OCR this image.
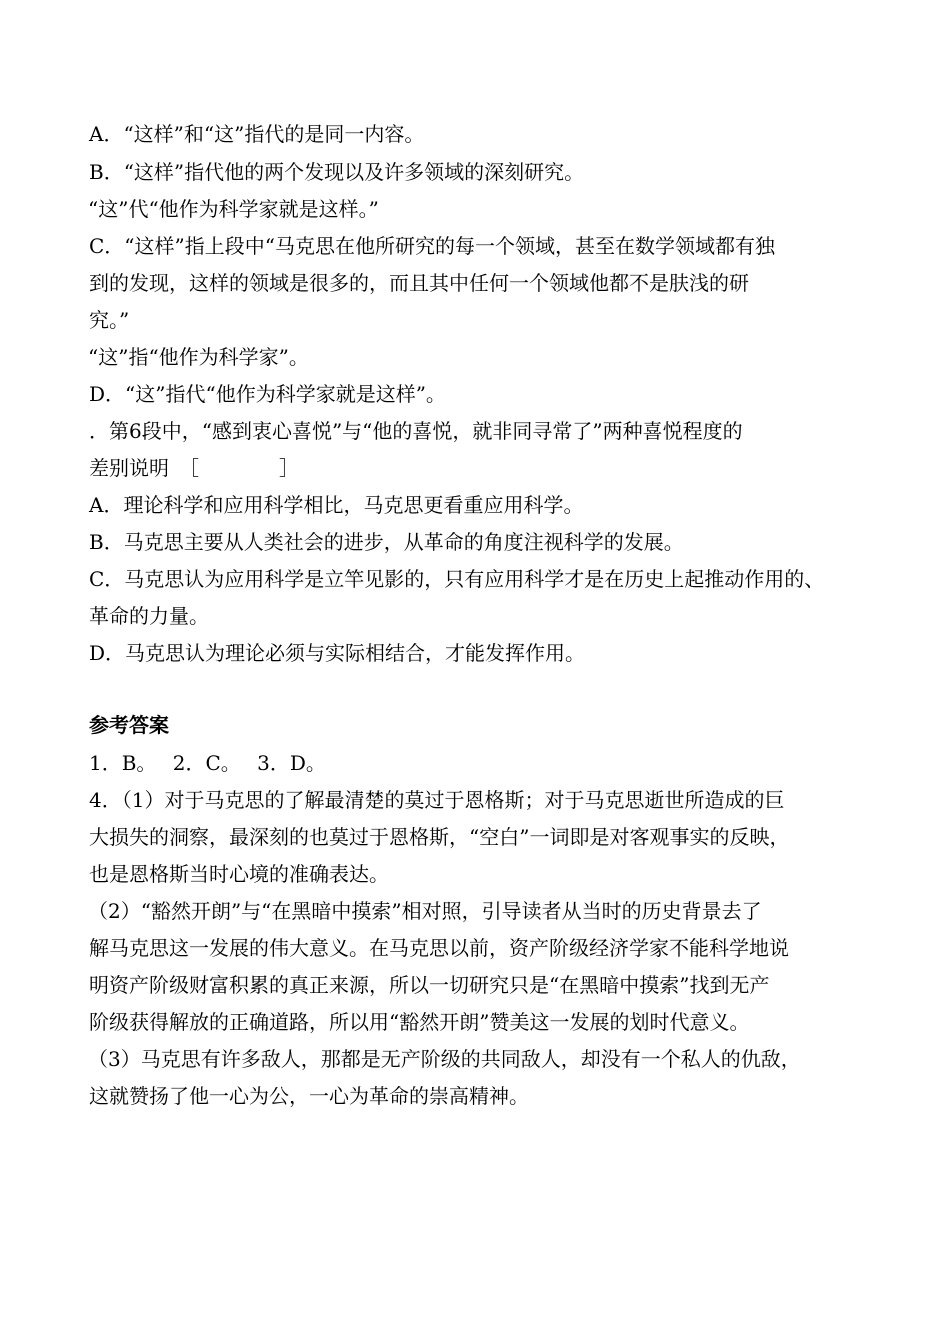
A．“这样”和“这”指代的是同一内容。
B．“这样”指代他的两个发现以及许多领域的深刻研究。
“这”代“他作为科学家就是这样。”
C．“这样”指上段中“马克思在他所研究的每一个领域，甚至在数学领域都有独
到的发现，这样的领域是很多的，而且其中任何一个领域他都不是肤浅的研
究。”
“这”指“他作为科学家”。
D．“这”指代“他作为科学家就是这样”。
．第6段中，“感到衷心喜悦”与“他的喜悦，就非同寻常了”两种喜悦程度的
差别说明　［　　　　］
A．理论科学和应用科学相比，马克思更看重应用科学。
B．马克思主要从人类社会的进步，从革命的角度注视科学的发展。
C．马克思认为应用科学是立竿见影的，只有应用科学才是在历史上起推动作用的、
革命的力量。
D．马克思认为理论必须与实际相结合，才能发挥作用。
参考答案
1．B。　 2．C。　 3．D。
4．（1）对于马克思的了解最清楚的莫过于恩格斯；对于马克思逝世所造成的巨
大损失的洞察，最深刻的也莫过于恩格斯，“空白”一词即是对客观事实的反映，
也是恩格斯当时心境的准确表达。
（2）“豁然开朗”与“在黑暗中摸索”相对照，引导读者从当时的历史背景去了
解马克思这一发展的伟大意义。在马克思以前，资产阶级经济学家不能科学地说
明资产阶级财富积累的真正来源，所以一切研究只是“在黑暗中摸索”找到无产
阶级获得解放的正确道路，所以用“豁然开朗”赞美这一发展的划时代意义。
（3）马克思有许多敌人，那都是无产阶级的共同敌人，却没有一个私人的仇敌，
这就赞扬了他一心为公，一心为革命的崇高精神。
